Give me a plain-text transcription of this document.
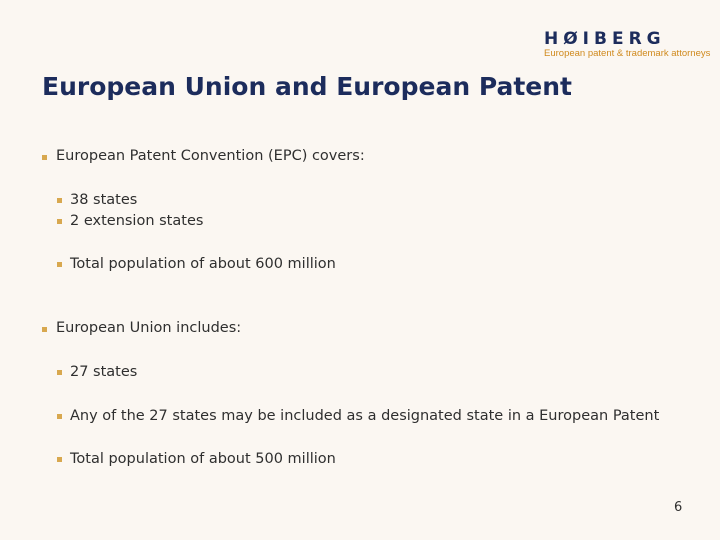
HØIBERG
European patent & trademark attorneys
European Union and European Patent
European Patent Convention (EPC) covers:
38 states
2 extension states
Total population of about 600 million
European Union includes:
27 states
Any of the 27 states may be included as a designated state in a European Patent
Total population of about 500 million
6
